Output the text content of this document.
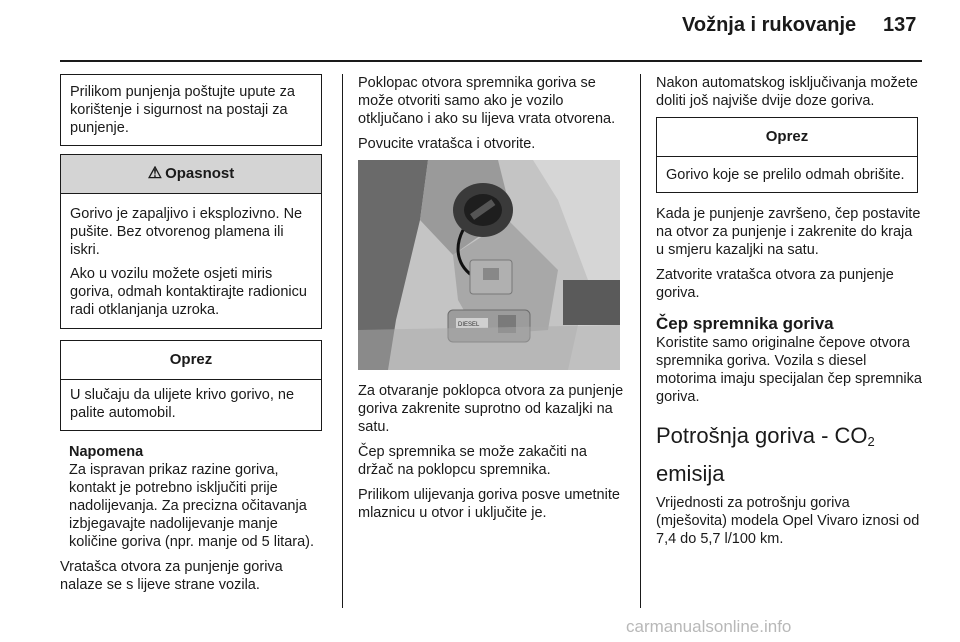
Vožnja i rukovanje 137

Prilikom punjenja poštujte upute za korištenje i sigurnost na postaji za punjenje.

⚠ Opasnost

Gorivo je zapaljivo i eksplozivno. Ne pušite. Bez otvorenog plamena ili iskri.

Ako u vozilu možete osjeti miris goriva, odmah kontaktirajte radionicu radi otklanjanja uzroka.

Oprez

U slučaju da ulijete krivo gorivo, ne palite automobil.

Napomena

Za ispravan prikaz razine goriva, kontakt je potrebno isključiti prije nadolijevanja. Za precizna očitavanja izbjegavajte nadolijevanje manje količine goriva (npr. manje od 5 litara).

Vratašca otvora za punjenje goriva nalaze se s lijeve strane vozila.

Poklopac otvora spremnika goriva se može otvoriti samo ako je vozilo otključano i ako su lijeva vrata otvorena.

Povucite vratašca i otvorite.

DIESEL

Za otvaranje poklopca otvora za punjenje goriva zakrenite suprotno od kazaljki na satu.

Čep spremnika se može zakačiti na držač na poklopcu spremnika.

Prilikom ulijevanja goriva posve umetnite mlaznicu u otvor i uključite je.

Nakon automatskog isključivanja možete doliti još najviše dvije doze goriva.

Oprez

Gorivo koje se prelilo odmah obrišite.

Kada je punjenje završeno, čep postavite na otvor za punjenje i zakrenite do kraja u smjeru kazaljki na satu.

Zatvorite vratašca otvora za punjenje goriva.

Čep spremnika goriva

Koristite samo originalne čepove otvora spremnika goriva. Vozila s diesel motorima imaju specijalan čep spremnika goriva.

Potrošnja goriva - $CO_2$
emisija

Vrijednosti za potrošnju goriva (mješovita) modela Opel Vivaro iznosi od 7,4 do 5,7 l/100 km.

carmanualsonline.info
